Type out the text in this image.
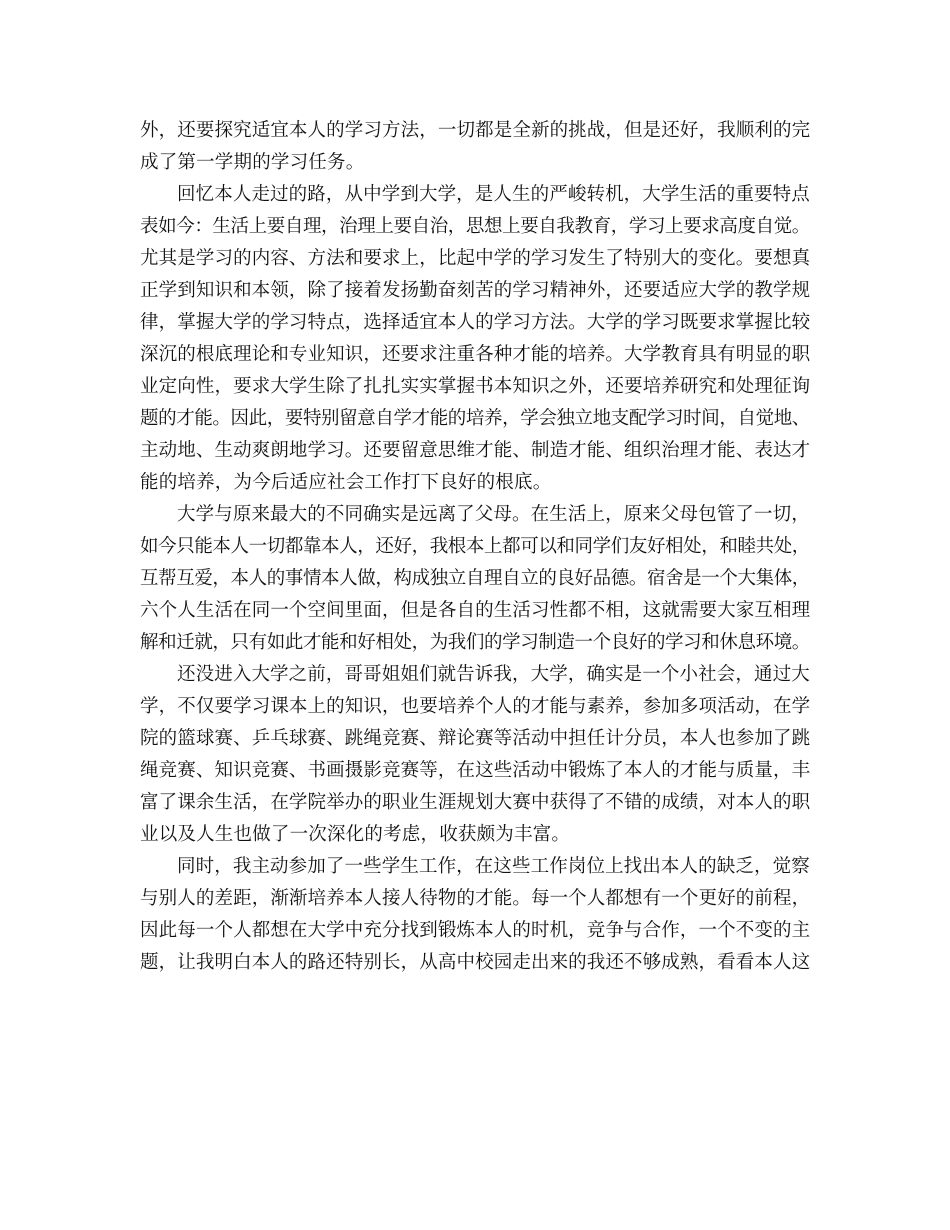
外，还要探究适宜本人的学习方法，一切都是全新的挑战，但是还好，我顺利的完
成了第一学期的学习任务。
回忆本人走过的路，从中学到大学，是人生的严峻转机，大学生活的重要特点
表如今：生活上要自理，治理上要自治，思想上要自我教育，学习上要求高度自觉。
尤其是学习的内容、方法和要求上，比起中学的学习发生了特别大的变化。要想真
正学到知识和本领，除了接着发扬勤奋刻苦的学习精神外，还要适应大学的教学规
律，掌握大学的学习特点，选择适宜本人的学习方法。大学的学习既要求掌握比较
深沉的根底理论和专业知识，还要求注重各种才能的培养。大学教育具有明显的职
业定向性，要求大学生除了扎扎实实掌握书本知识之外，还要培养研究和处理征询
题的才能。因此，要特别留意自学才能的培养，学会独立地支配学习时间，自觉地、
主动地、生动爽朗地学习。还要留意思维才能、制造才能、组织治理才能、表达才
能的培养，为今后适应社会工作打下良好的根底。
大学与原来最大的不同确实是远离了父母。在生活上，原来父母包管了一切，
如今只能本人一切都靠本人，还好，我根本上都可以和同学们友好相处，和睦共处，
互帮互爱，本人的事情本人做，构成独立自理自立的良好品德。宿舍是一个大集体，
六个人生活在同一个空间里面，但是各自的生活习性都不相，这就需要大家互相理
解和迁就，只有如此才能和好相处，为我们的学习制造一个良好的学习和休息环境。
还没进入大学之前，哥哥姐姐们就告诉我，大学，确实是一个小社会，通过大
学，不仅要学习课本上的知识，也要培养个人的才能与素养，参加多项活动，在学
院的篮球赛、乒乓球赛、跳绳竞赛、辩论赛等活动中担任计分员，本人也参加了跳
绳竞赛、知识竞赛、书画摄影竞赛等，在这些活动中锻炼了本人的才能与质量，丰
富了课余生活，在学院举办的职业生涯规划大赛中获得了不错的成绩，对本人的职
业以及人生也做了一次深化的考虑，收获颇为丰富。
同时，我主动参加了一些学生工作，在这些工作岗位上找出本人的缺乏，觉察
与别人的差距，渐渐培养本人接人待物的才能。每一个人都想有一个更好的前程，
因此每一个人都想在大学中充分找到锻炼本人的时机，竞争与合作，一个不变的主
题，让我明白本人的路还特别长，从高中校园走出来的我还不够成熟，看看本人这
